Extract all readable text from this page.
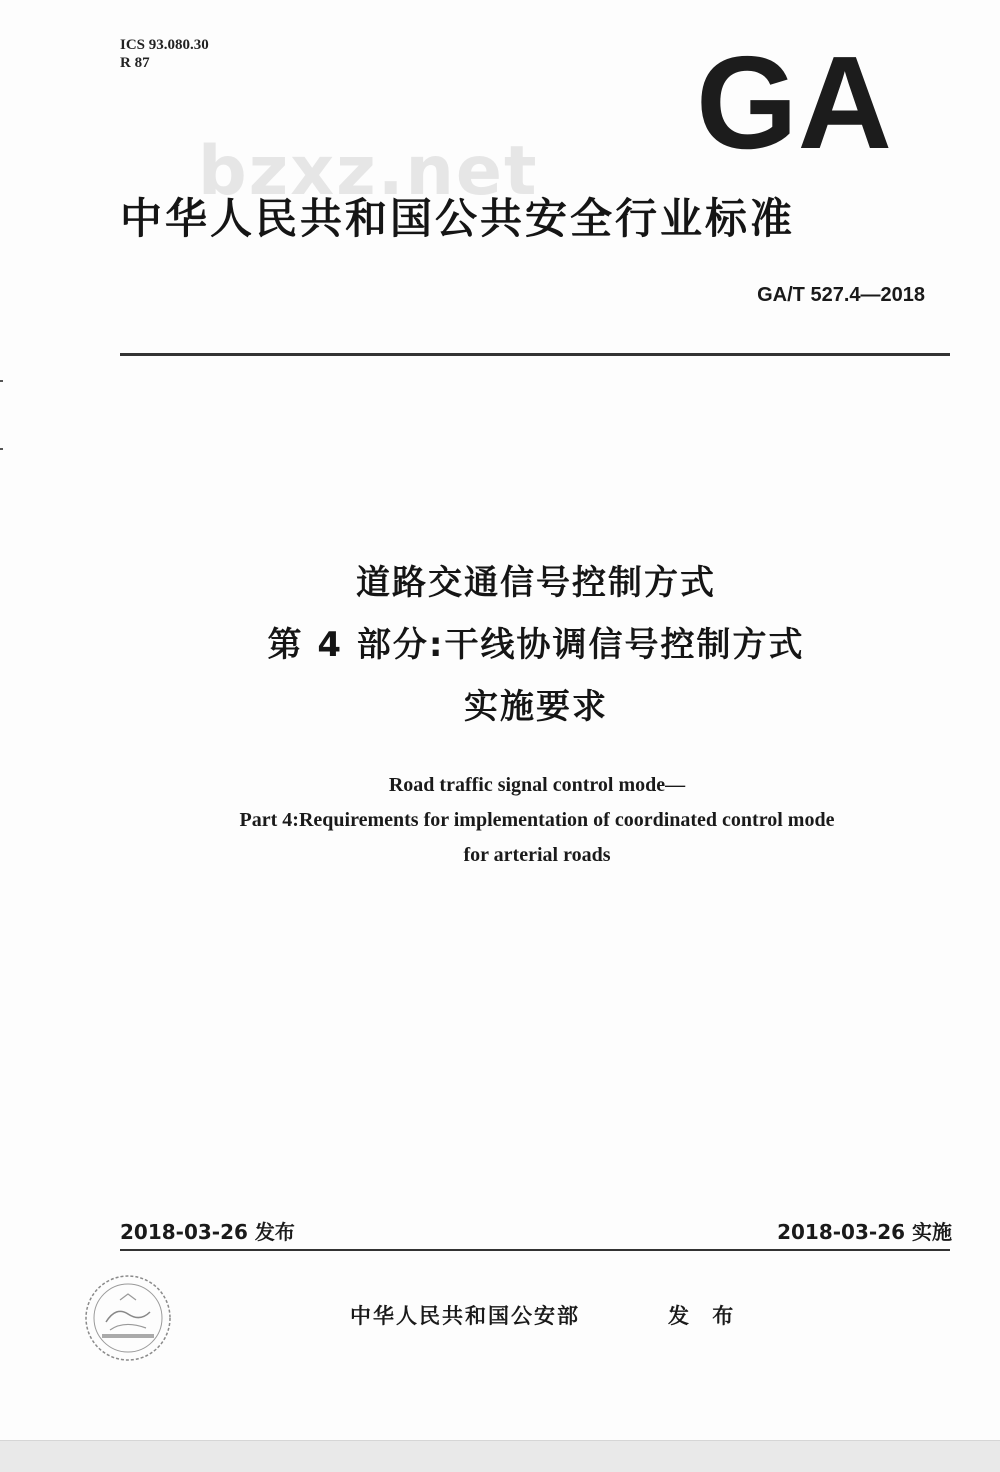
ICS 93.080.30
R 87	GA
bzxz.net
中华人民共和国公共安全行业标准
GA/T 527.4—2018
道路交通信号控制方式
第 4 部分:干线协调信号控制方式
实施要求
Road traffic signal control mode—
Part 4:Requirements for implementation of coordinated control mode
for arterial roads
2018-03-26 发布	2018-03-26 实施
中华人民共和国公安部	发 布
